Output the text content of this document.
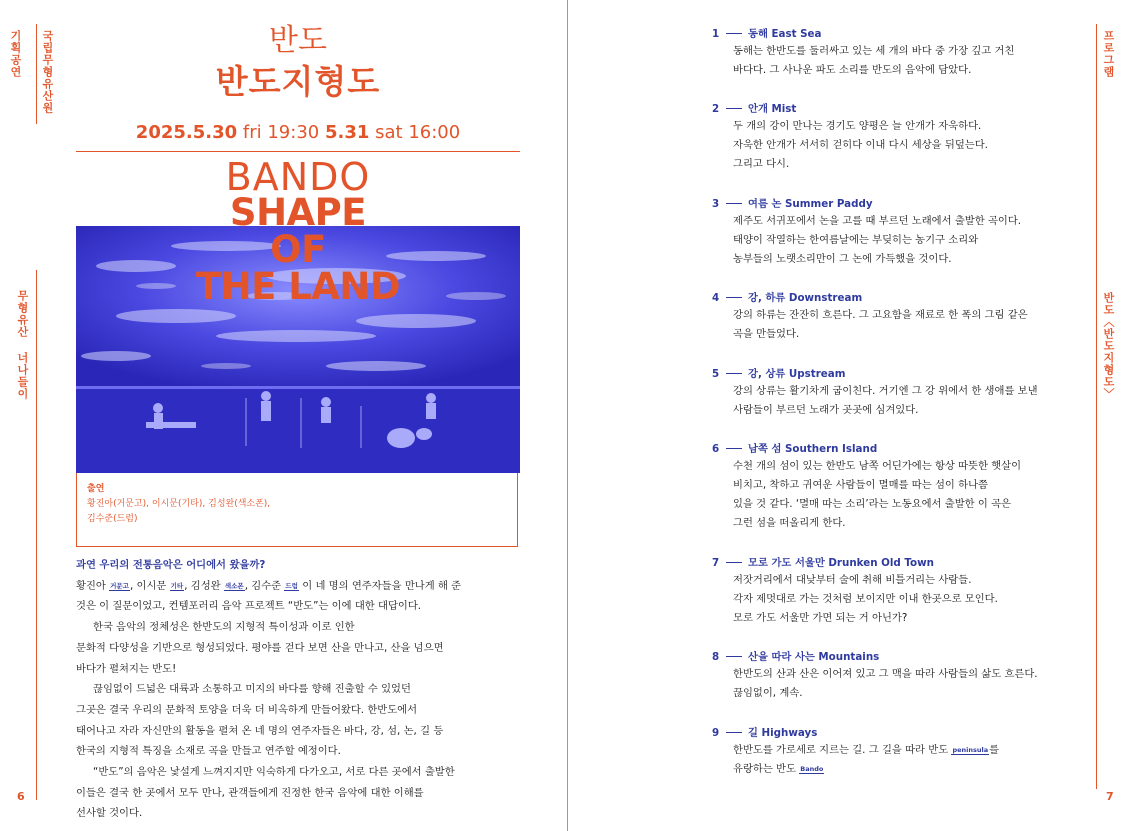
기획공연 국립무형유산원
무형유산 너나들이
6
반도
반도지형도
2025.5.30 fri 19:30 5.31 sat 16:00
BANDO
SHAPE
OF
THE LAND
출연
황진아(거문고), 이시문(기타), 김성완(색소폰),
김수준(드럼)

과연 우리의 전통음악은 어디에서 왔을까?

황진아 거문고, 이시문 기타, 김성완 색소폰, 김수준 드럼 이 네 명의 연주자들을 만나게 해 준

것은 이 질문이었고, 컨템포러리 음악 프로젝트 “반도”는 이에 대한 대답이다.

한국 음악의 정체성은 한반도의 지형적 특이성과 이로 인한

문화적 다양성을 기반으로 형성되었다. 평야를 걷다 보면 산을 만나고, 산을 넘으면

바다가 펼쳐지는 반도!

끊임없이 드넓은 대륙과 소통하고 미지의 바다를 향해 진출할 수 있었던

그곳은 결국 우리의 문화적 토양을 더욱 더 비옥하게 만들어왔다. 한반도에서

태어나고 자라 자신만의 활동을 펼쳐 온 네 명의 연주자들은 바다, 강, 섬, 논, 길 등

한국의 지형적 특징을 소재로 곡을 만들고 연주할 예정이다.

“반도”의 음악은 낯설게 느껴지지만 익숙하게 다가오고, 서로 다른 곳에서 출발한

이들은 결국 한 곳에서 모두 만나, 관객들에게 진정한 한국 음악에 대한 이해를

선사할 것이다.

프로그램
반도〈반도지형도〉
7
1	동해 East Sea

동해는 한반도를 둘러싸고 있는 세 개의 바다 중 가장 깊고 거친

바다다. 그 사나운 파도 소리를 반도의 음악에 담았다.

2	안개 Mist

두 개의 강이 만나는 경기도 양평은 늘 안개가 자욱하다.

자욱한 안개가 서서히 걷히다 이내 다시 세상을 뒤덮는다.

그리고 다시.

3	여름 논 Summer Paddy

제주도 서귀포에서 논을 고를 때 부르던 노래에서 출발한 곡이다.

태양이 작열하는 한여름날에는 부딪히는 농기구 소리와

농부들의 노랫소리만이 그 논에 가득했을 것이다.

4	강, 하류 Downstream

강의 하류는 잔잔히 흐른다. 그 고요함을 재료로 한 폭의 그림 같은

곡을 만들었다.

5	강, 상류 Upstream

강의 상류는 활기차게 굽이친다. 거기엔 그 강 위에서 한 생애를 보낸

사람들이 부르던 노래가 곳곳에 심겨있다.

6	남쪽 섬 Southern Island

수천 개의 섬이 있는 한반도 남쪽 어딘가에는 항상 따뜻한 햇살이

비치고, 착하고 귀여운 사람들이 멸매를 따는 섬이 하나쯤

있을 것 같다. ‘멸매 따는 소리’라는 노동요에서 출발한 이 곡은

그런 섬을 떠올리게 한다.

7	모로 가도 서울만 Drunken Old Town

저잣거리에서 대낮부터 술에 취해 비틀거리는 사람들.

각자 제멋대로 가는 것처럼 보이지만 이내 한곳으로 모인다.

모로 가도 서울만 가면 되는 거 아닌가?

8	산을 따라 사는 Mountains

한반도의 산과 산은 이어져 있고 그 맥을 따라 사람들의 삶도 흐른다.

끊임없이, 계속.

9	길 Highways

한반도를 가로세로 지르는 길. 그 길을 따라 반도 peninsula를

유랑하는 반도 Bando
